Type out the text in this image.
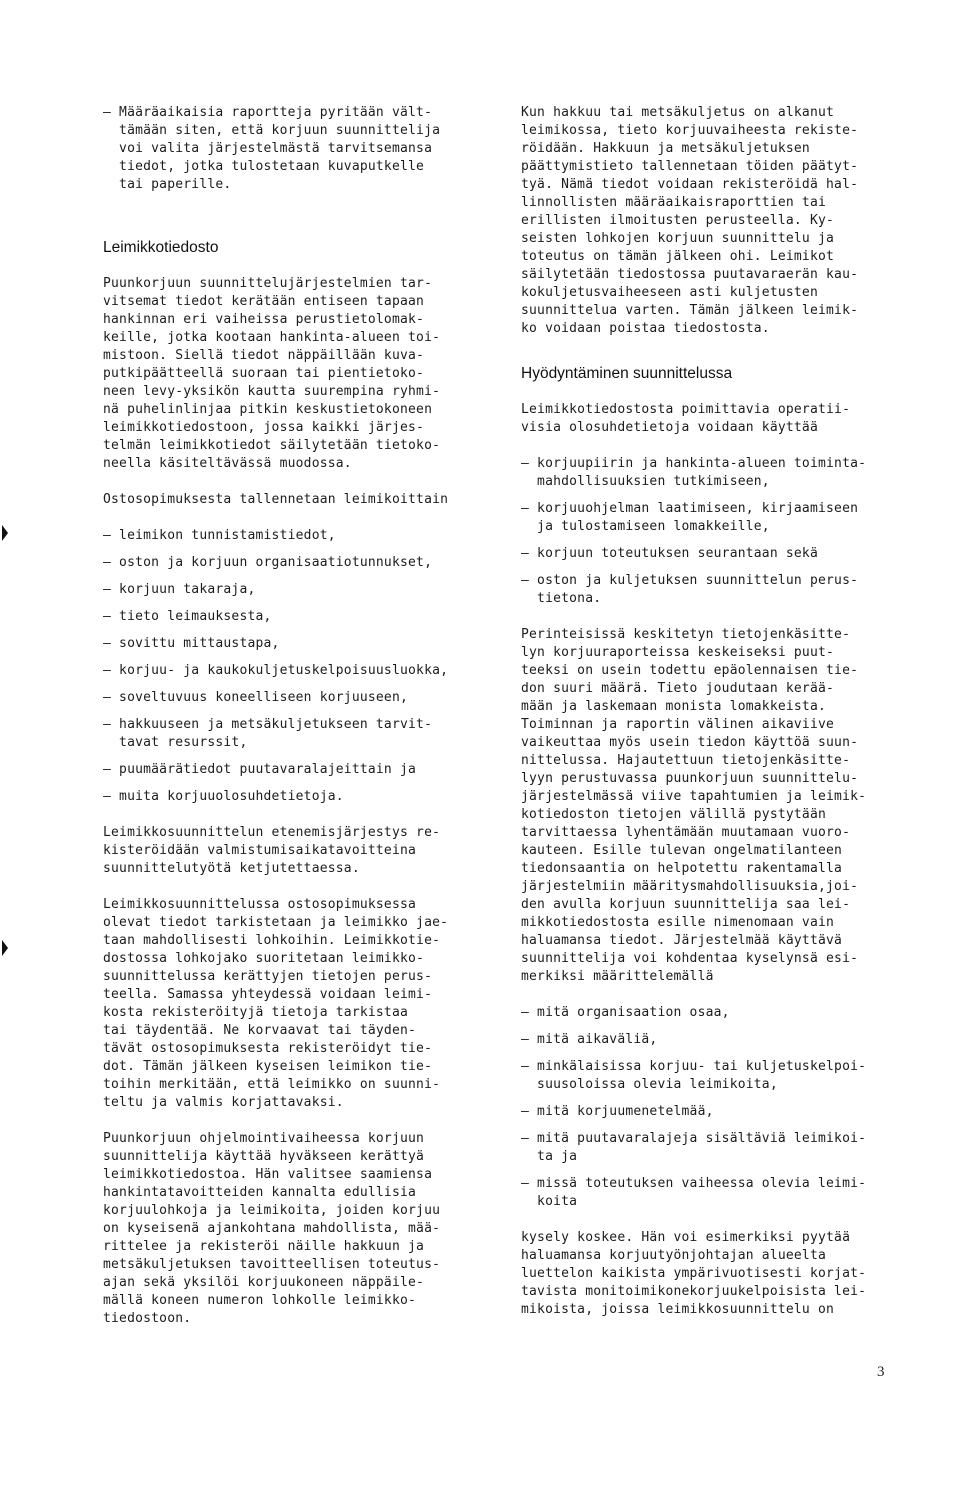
– Määräaikaisia raportteja pyritään vält-
tämään siten, että korjuun suunnittelija
voi valita järjestelmästä tarvitsemansa
tiedot, jotka tulostetaan kuvaputkelle
tai paperille.
Leimikkotiedosto
Puunkorjuun suunnittelujärjestelmien tar-
vitsemat tiedot kerätään entiseen tapaan
hankinnan eri vaiheissa perustietolomak-
keille, jotka kootaan hankinta-alueen toi-
mistoon. Siellä tiedot näppäillään kuva-
putkipäätteellä suoraan tai pientietoko-
neen levy-yksikön kautta suurempina ryhmi-
nä puhelinlinjaa pitkin keskustietokoneen
leimikkotiedostoon, jossa kaikki järjes-
telmän leimikkotiedot säilytetään tietoko-
neella käsiteltävässä muodossa.
Ostosopimuksesta tallennetaan leimikoittain
– leimikon tunnistamistiedot,
– oston ja korjuun organisaatiotunnukset,
– korjuun takaraja,
– tieto leimauksesta,
– sovittu mittaustapa,
– korjuu- ja kaukokuljetuskelpoisuusluokka,
– soveltuvuus koneelliseen korjuuseen,
– hakkuuseen ja metsäkuljetukseen tarvit-
tavat resurssit,
– puumäärätiedot puutavaralajeittain ja
– muita korjuuolosuhdetietoja.
Leimikkosuunnittelun etenemisjärjestys re-
kisteröidään valmistumisaikatavoitteina
suunnittelutyötä ketjutettaessa.
Leimikkosuunnittelussa ostosopimuksessa
olevat tiedot tarkistetaan ja leimikko jae-
taan mahdollisesti lohkoihin. Leimikkotie-
dostossa lohkojako suoritetaan leimikko-
suunnittelussa kerättyjen tietojen perus-
teella. Samassa yhteydessä voidaan leimi-
kosta rekisteröityjä tietoja tarkistaa
tai täydentää. Ne korvaavat tai täyden-
tävät ostosopimuksesta rekisteröidyt tie-
dot. Tämän jälkeen kyseisen leimikon tie-
toihin merkitään, että leimikko on suunni-
teltu ja valmis korjattavaksi.
Puunkorjuun ohjelmointivaiheessa korjuun
suunnittelija käyttää hyväkseen kerättyä
leimikkotiedostoa. Hän valitsee saamiensa
hankintatavoitteiden kannalta edullisia
korjuulohkoja ja leimikoita, joiden korjuu
on kyseisenä ajankohtana mahdollista, mää-
rittelee ja rekisteröi näille hakkuun ja
metsäkuljetuksen tavoitteellisen toteutus-
ajan sekä yksilöi korjuukoneen näppäile-
mällä koneen numeron lohkolle leimikko-
tiedostoon.
Kun hakkuu tai metsäkuljetus on alkanut
leimikossa, tieto korjuuvaiheesta rekiste-
röidään. Hakkuun ja metsäkuljetuksen
päättymistieto tallennetaan töiden päätyt-
tyä. Nämä tiedot voidaan rekisteröidä hal-
linnollisten määräaikaisraporttien tai
erillisten ilmoitusten perusteella. Ky-
seisten lohkojen korjuun suunnittelu ja
toteutus on tämän jälkeen ohi. Leimikot
säilytetään tiedostossa puutavaraerän kau-
kokuljetusvaiheeseen asti kuljetusten
suunnittelua varten. Tämän jälkeen leimik-
ko voidaan poistaa tiedostosta.
Hyödyntäminen suunnittelussa
Leimikkotiedostosta poimittavia operatii-
visia olosuhdetietoja voidaan käyttää
– korjuupiirin ja hankinta-alueen toiminta-
mahdollisuuksien tutkimiseen,
– korjuuohjelman laatimiseen, kirjaamiseen
ja tulostamiseen lomakkeille,
– korjuun toteutuksen seurantaan sekä
– oston ja kuljetuksen suunnittelun perus-
tietona.
Perinteisissä keskitetyn tietojenkäsitte-
lyn korjuuraporteissa keskeiseksi puut-
teeksi on usein todettu epäolennaisen tie-
don suuri määrä. Tieto joudutaan kerää-
mään ja laskemaan monista lomakkeista.
Toiminnan ja raportin välinen aikaviive
vaikeuttaa myös usein tiedon käyttöä suun-
nittelussa. Hajautettuun tietojenkäsitte-
lyyn perustuvassa puunkorjuun suunnittelu-
järjestelmässä viive tapahtumien ja leimik-
kotiedoston tietojen välillä pystytään
tarvittaessa lyhentämään muutamaan vuoro-
kauteen. Esille tulevan ongelmatilanteen
tiedonsaantia on helpotettu rakentamalla
järjestelmiin määritysmahdollisuuksia,joi-
den avulla korjuun suunnittelija saa lei-
mikkotiedostosta esille nimenomaan vain
haluamansa tiedot. Järjestelmää käyttävä
suunnittelija voi kohdentaa kyselynsä esi-
merkiksi määrittelemällä
– mitä organisaation osaa,
– mitä aikaväliä,
– minkälaisissa korjuu- tai kuljetuskelpoi-
suusoloissa olevia leimikoita,
– mitä korjuumenetelmää,
– mitä puutavaralajeja sisältäviä leimikoi-
ta ja
– missä toteutuksen vaiheessa olevia leimi-
koita
kysely koskee. Hän voi esimerkiksi pyytää
haluamansa korjuutyönjohtajan alueelta
luettelon kaikista ympärivuotisesti korjat-
tavista monitoimikonekorjuukelpoisista lei-
mikoista, joissa leimikkosuunnittelu on
3
